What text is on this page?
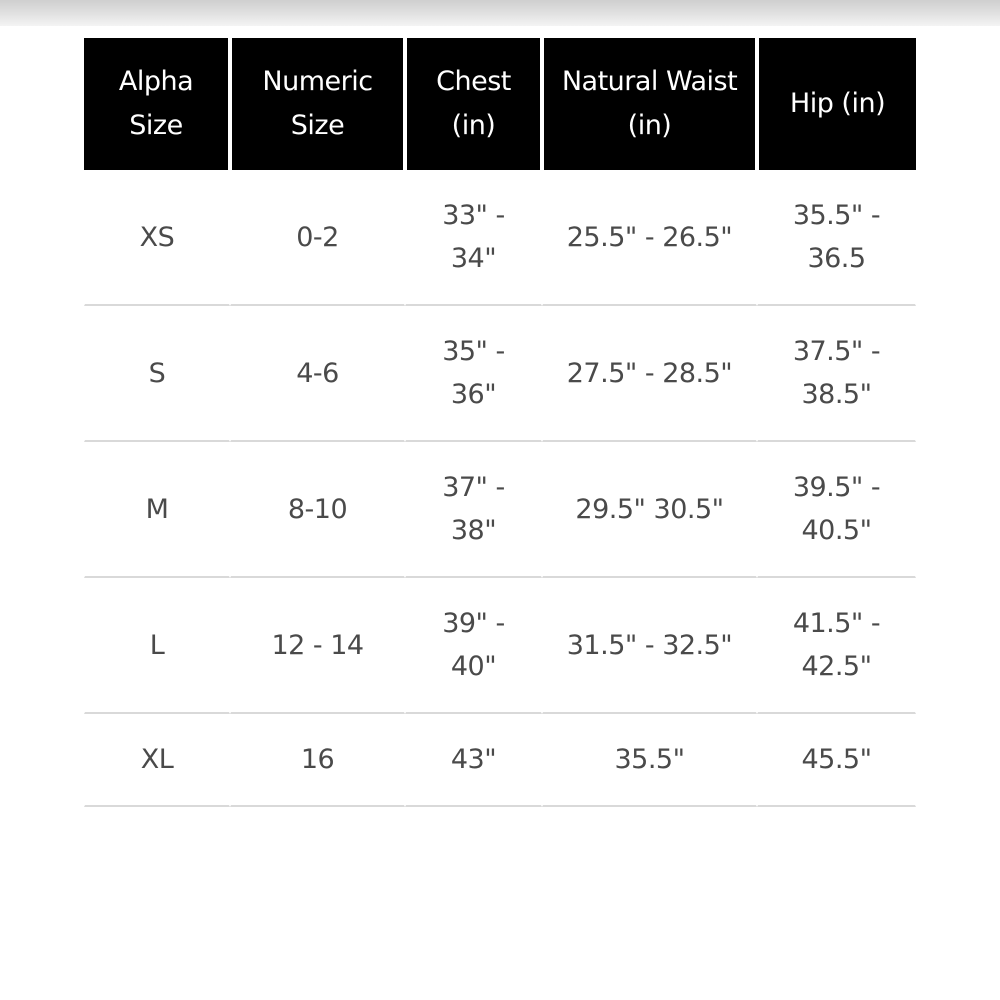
Alpha Size	Numeric Size	Chest (in)	Natural Waist (in)	Hip (in)
XS	0-2	33" - 34"	25.5" - 26.5"	35.5" - 36.5
S	4-6	35" - 36"	27.5" - 28.5"	37.5" - 38.5"
M	8-10	37" - 38"	29.5" 30.5"	39.5" - 40.5"
L	12 - 14	39" - 40"	31.5" - 32.5"	41.5" - 42.5"
XL	16	43"	35.5"	45.5"
